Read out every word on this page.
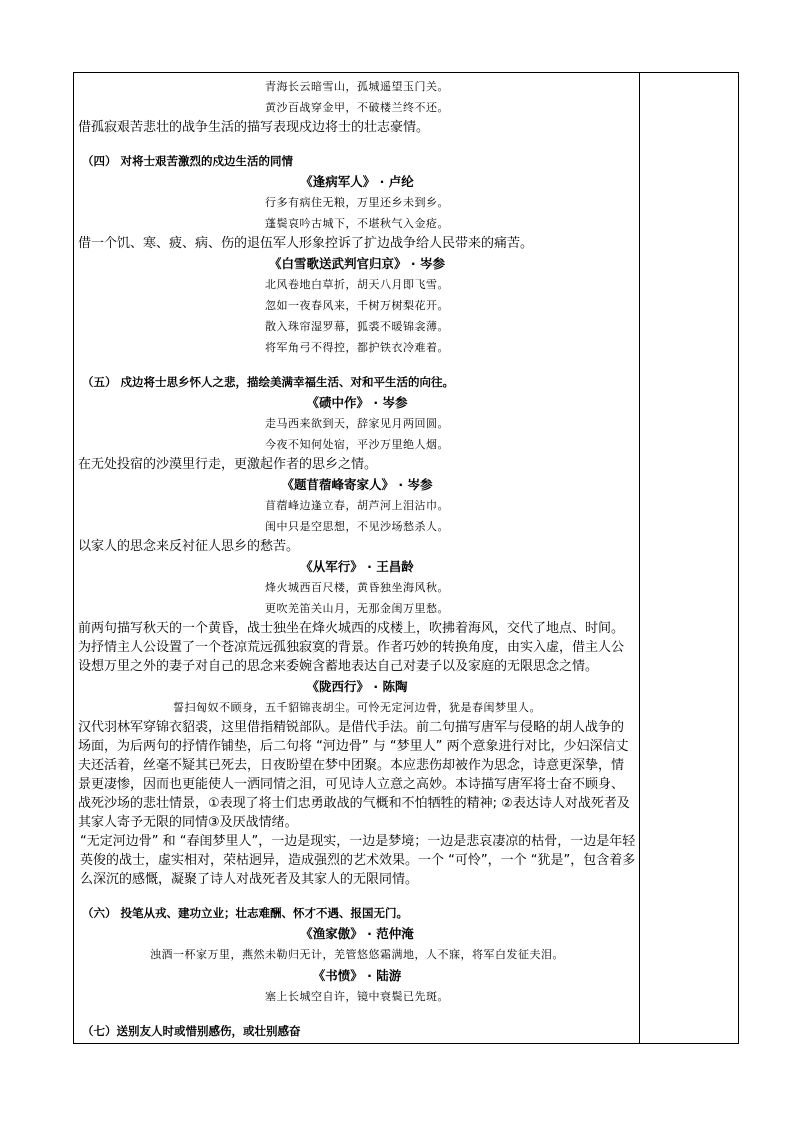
青海长云暗雪山，孤城遥望玉门关。

黄沙百战穿金甲，不破楼兰终不还。

借孤寂艰苦悲壮的战争生活的描写表现戍边将士的壮志豪情。

（四） 对将士艰苦激烈的戍边生活的同情

《逢病军人》 · 卢纶

行多有病住无粮，万里还乡未到乡。

蓬鬓哀吟古城下，不堪秋气入金疮。

借一个饥、寒、疲、病、伤的退伍军人形象控诉了扩边战争给人民带来的痛苦。

《白雪歌送武判官归京》 · 岑参

北风卷地白草折，胡天八月即飞雪。

忽如一夜春风来，千树万树梨花开。

散入珠帘湿罗幕，狐裘不暖锦衾薄。

将军角弓不得控，都护铁衣冷难着。

（五） 戍边将士思乡怀人之悲，描绘美满幸福生活、对和平生活的向往。

《碛中作》 · 岑参

走马西来欲到天，辞家见月两回圆。

今夜不知何处宿，平沙万里绝人烟。

在无处投宿的沙漠里行走，更激起作者的思乡之情。

《题苜蓿峰寄家人》 · 岑参

苜蓿峰边逢立春，胡芦河上泪沾巾。

闺中只是空思想，不见沙场愁杀人。

以家人的思念来反衬征人思乡的愁苦。

《从军行》 · 王昌龄

烽火城西百尺楼，黄昏独坐海风秋。

更吹羌笛关山月，无那金闺万里愁。

前两句描写秋天的一个黄昏，战士独坐在烽火城西的戍楼上，吹拂着海风，交代了地点、时间。为抒情主人公设置了一个苍凉荒远孤独寂寞的背景。作者巧妙的转换角度，由实入虚，借主人公设想万里之外的妻子对自己的思念来委婉含蓄地表达自己对妻子以及家庭的无限思念之情。

《陇西行》 · 陈陶

誓扫匈奴不顾身，五千貂锦丧胡尘。可怜无定河边骨，犹是春闺梦里人。

汉代羽林军穿锦衣貂裘，这里借指精锐部队。是借代手法。前二句描写唐军与侵略的胡人战争的场面，为后两句的抒情作铺垫，后二句将 “河边骨” 与 “梦里人” 两个意象进行对比，少妇深信丈夫还活着，丝毫不疑其已死去，日夜盼望在梦中团聚。本应悲伤却被作为思念，诗意更深挚，情景更凄惨，因而也更能使人一洒同情之泪，可见诗人立意之高妙。本诗描写唐军将士奋不顾身、战死沙场的悲壮情景，①表现了将士们忠勇敢战的气概和不怕牺牲的精神; ②表达诗人对战死者及其家人寄予无限的同情③及厌战情绪。

“无定河边骨” 和 “春闺梦里人”，一边是现实，一边是梦境；一边是悲哀凄凉的枯骨，一边是年轻英俊的战士，虚实相对，荣枯迥异，造成强烈的艺术效果。一个 “可怜”，一个 “犹是”，包含着多么深沉的感慨，凝聚了诗人对战死者及其家人的无限同情。

（六） 投笔从戎、建功立业；壮志难酬、怀才不遇、报国无门。

《渔家傲》 · 范仲淹

浊酒一杯家万里，燕然未勒归无计，羌管悠悠霜满地，人不寐，将军白发征夫泪。

《书愤》 · 陆游

塞上长城空自许，镜中衰鬓已先斑。

（七）送别友人时或惜别感伤，或壮别感奋
